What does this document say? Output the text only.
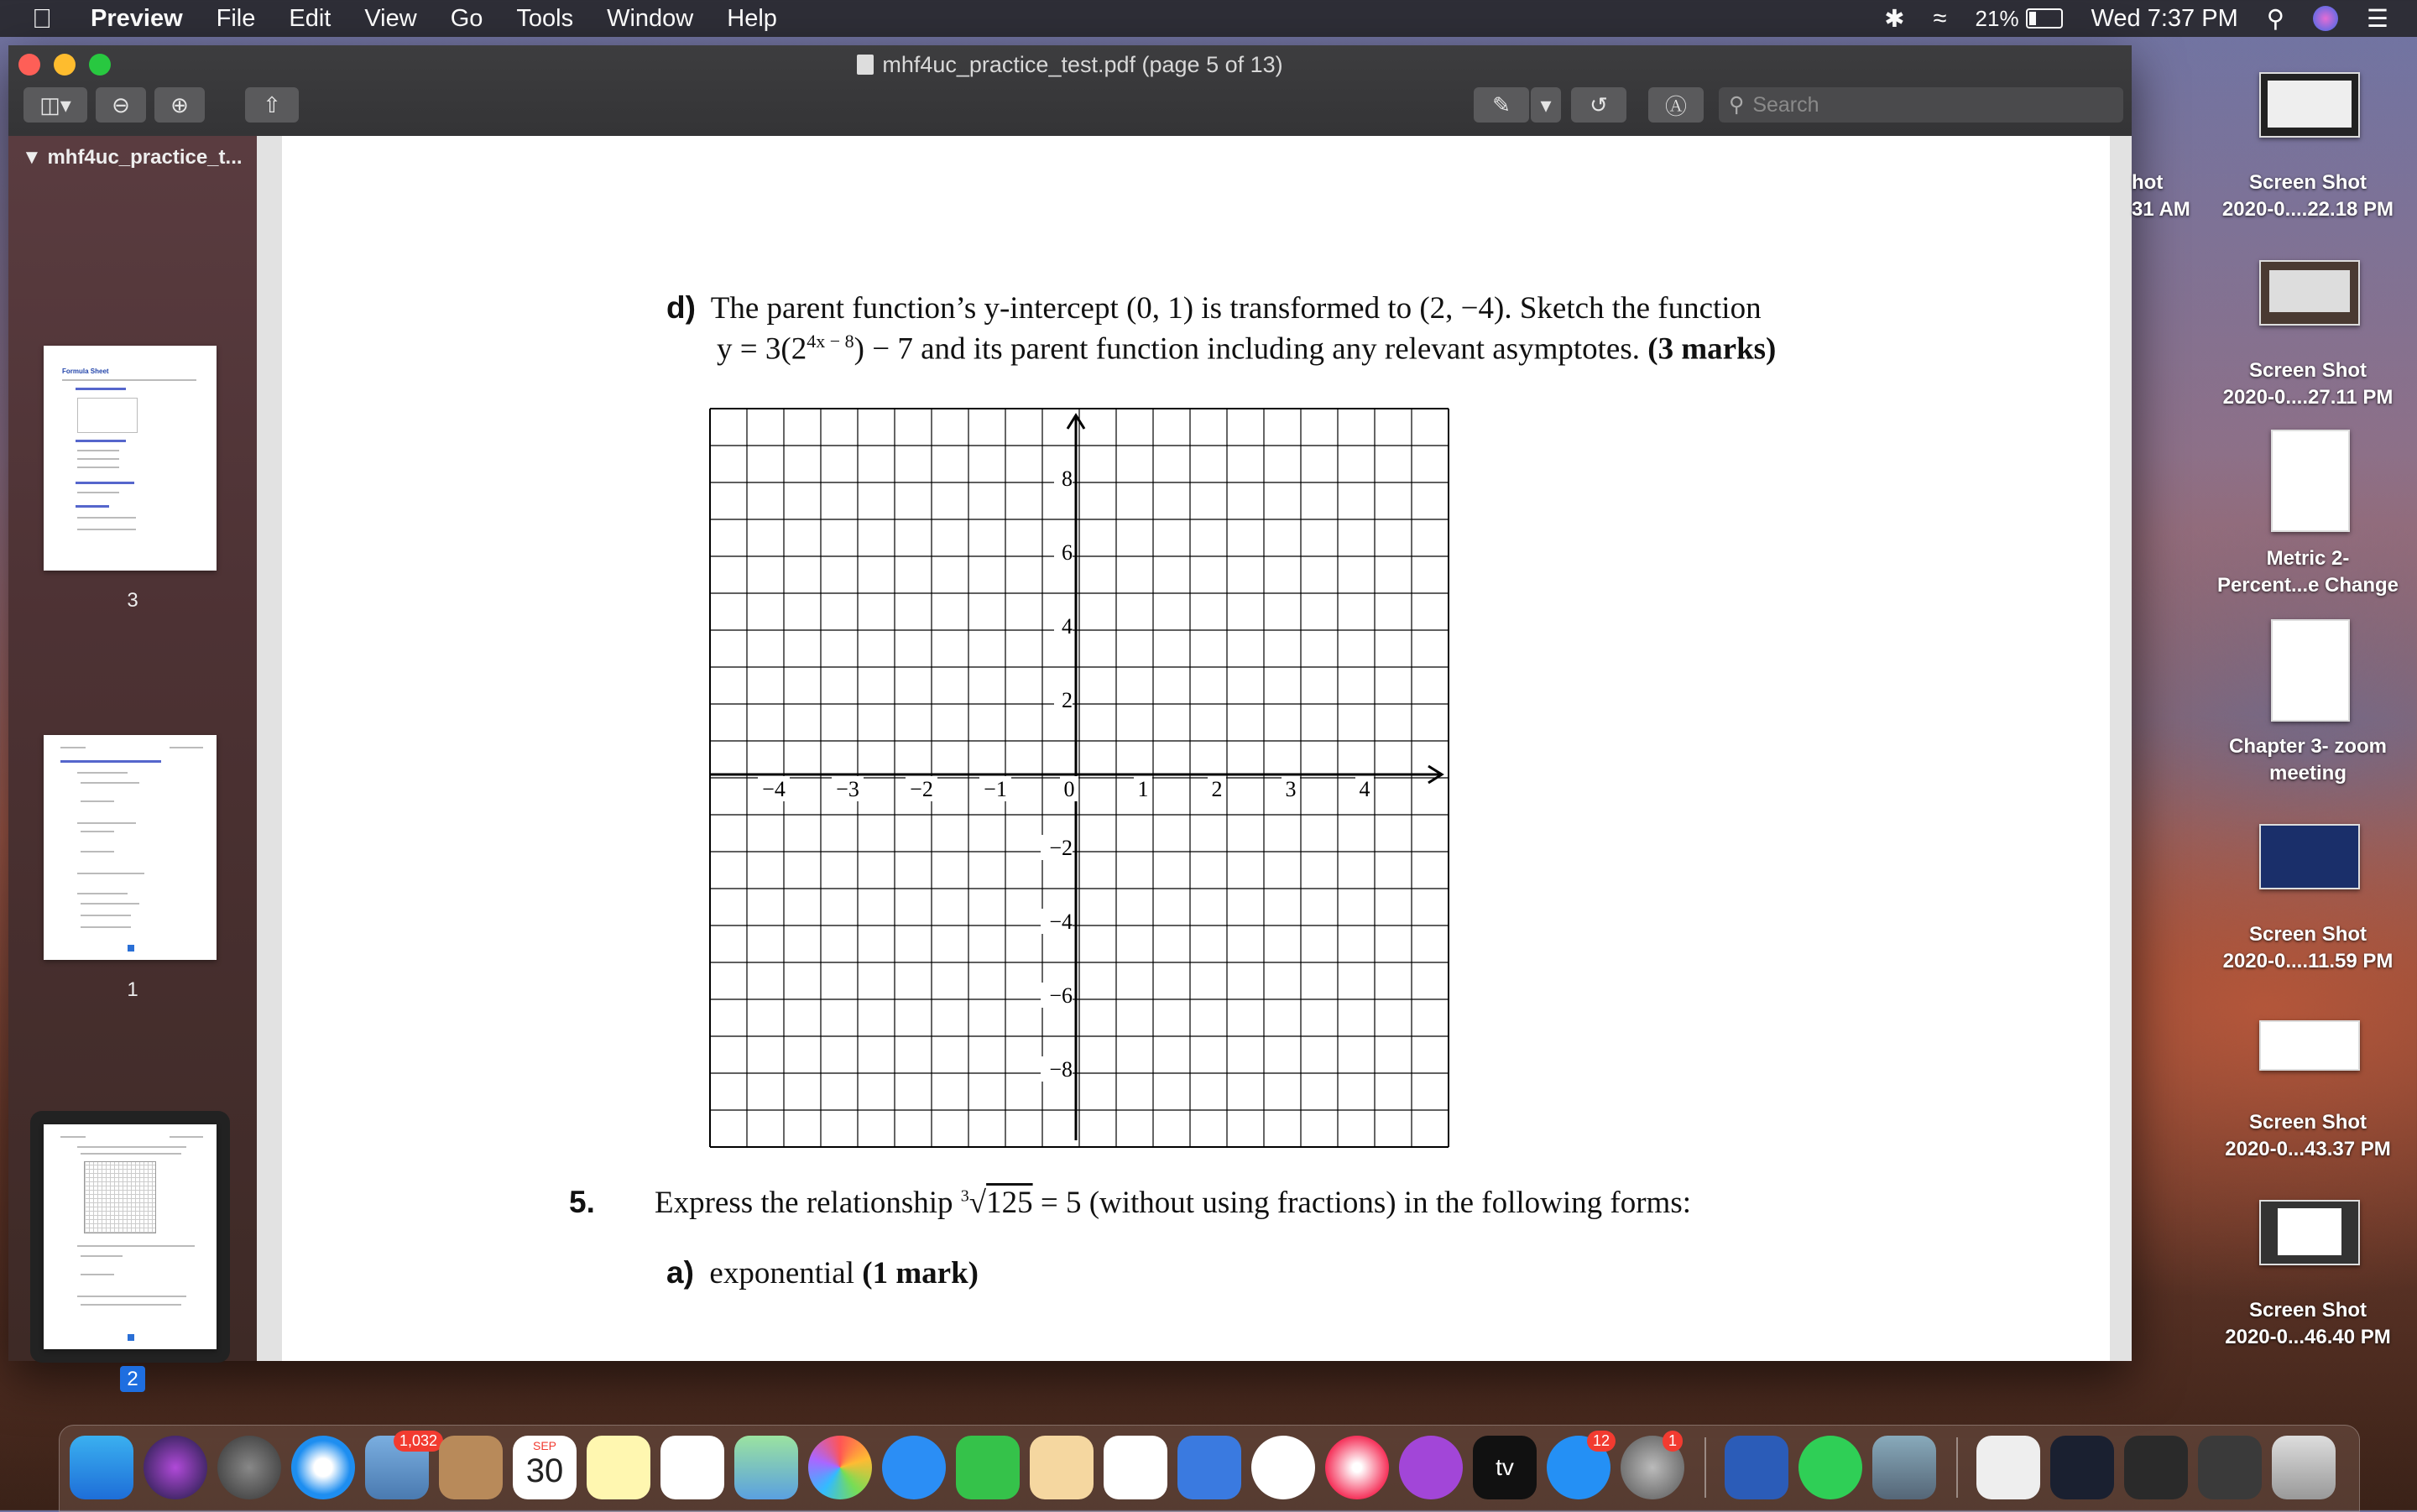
Preview File Edit View Go Tools Window Help	✱ ≈ 21%	Wed 7:37 PM ⚲	☰
mhf4uc_practice_test.pdf (page 5 of 13)
◫▾	⊖	⊕	⇧	✎	▾	↺	Ⓐ	⚲ Search
▼ mhf4uc_practice_t...
Formula Sheet
3
1
2
d) The parent function’s y-intercept (0, 1) is transformed to (2, −4). Sketch the function
$y = 3(2^{4x - 8}) - 7$ and its parent function including any relevant asymptotes. (3 marks)
−4 −3 −2 −1	0	1	2	3	4
8
6
4
2
−2
−4
−6
−8
5. Express the relationship $^3$√125 = 5 (without using fractions) in the following forms:
a) exponential (1 mark)
Screen Shot
2020-0....22.18 PM
Screen Shot
2020-0....27.11 PM
Metric 2-
Percent...e Change
Chapter 3- zoom
meeting
Screen Shot
2020-0....11.59 PM
Screen Shot
2020-0...43.37 PM
Screen Shot
2020-0...46.40 PM
hot
31 AM
1,032	SEP
30	tv
12	1
